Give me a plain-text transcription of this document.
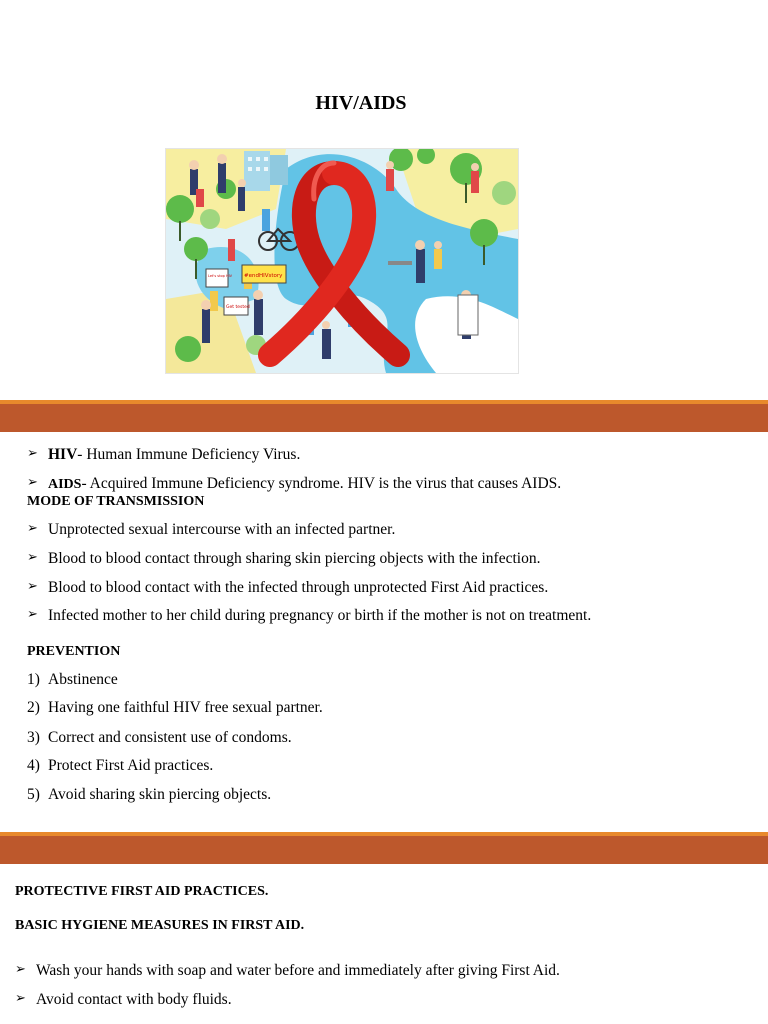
HIV/AIDS
Let's stop HIV #endHIVstory
Get tested
➢ HIV- Human Immune Deficiency Virus.
➢ AIDS- Acquired Immune Deficiency syndrome. HIV is the virus that causes AIDS.
MODE OF TRANSMISSION
➢ Unprotected sexual intercourse with an infected partner.
➢ Blood to blood contact through sharing skin piercing objects with the infection.
➢ Blood to blood contact with the infected through unprotected First Aid practices.
➢ Infected mother to her child during pregnancy or birth if the mother is not on treatment.
PREVENTION
1) Abstinence
2) Having one faithful HIV free sexual partner.
3) Correct and consistent use of condoms.
4) Protect First Aid practices.
5) Avoid sharing skin piercing objects.
PROTECTIVE FIRST AID PRACTICES.
BASIC HYGIENE MEASURES IN FIRST AID.
➢ Wash your hands with soap and water before and immediately after giving First Aid.
➢ Avoid contact with body fluids.
